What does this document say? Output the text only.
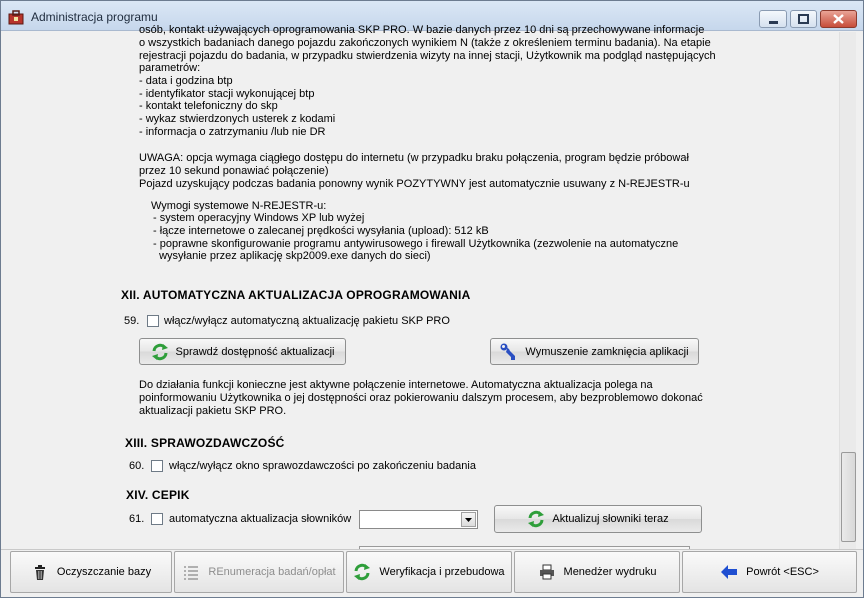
Administracja programu
osób, kontakt używających oprogramowania SKP PRO. W bazie danych przez 10 dni są przechowywane informacje
o wszystkich badaniach danego pojazdu zakończonych wynikiem N (także z określeniem terminu badania). Na etapie
rejestracji pojazdu do badania, w przypadku stwierdzenia wizyty na innej stacji, Użytkownik ma podgląd następujących
parametrów:
- data i godzina btp
- identyfikator stacji wykonującej btp
- kontakt telefoniczny do skp
- wykaz stwierdzonych usterek z kodami
- informacja o zatrzymaniu /lub nie DR
UWAGA: opcja wymaga ciągłego dostępu do internetu (w przypadku braku połączenia, program będzie próbował
przez 10 sekund ponawiać połączenie)
Pojazd uzyskujący podczas badania ponowny wynik POZYTYWNY jest automatycznie usuwany z N-REJESTR-u
Wymogi systemowe N-REJESTR-u:
- system operacyjny Windows XP lub wyżej
- łącze internetowe o zalecanej prędkości wysyłania (upload): 512 kB
- poprawne skonfigurowanie programu antywirusowego i firewall Użytkownika (zezwolenie na automatyczne
wysyłanie przez aplikację skp2009.exe danych do sieci)
XII. AUTOMATYCZNA AKTUALIZACJA OPROGRAMOWANIA
59. włącz/wyłącz automatyczną aktualizację pakietu SKP PRO
Sprawdź dostępność aktualizacji	Wymuszenie zamknięcia aplikacji
Do działania funkcji konieczne jest aktywne połączenie internetowe. Automatyczna aktualizacja polega na
poinformowaniu Użytkownika o jej dostępności oraz pokierowaniu dalszym procesem, aby bezproblemowo dokonać
aktualizacji pakietu SKP PRO.
XIII. SPRAWOZDAWCZOŚĆ
60. włącz/wyłącz okno sprawozdawczości po zakończeniu badania
XIV. CEPIK
61. automatyczna aktualizacja słowników	Aktualizuj słowniki teraz
Oczyszczanie bazy	REnumeracja badań/opłat	Weryfikacja i przebudowa	Menedżer wydruku	Powrót <ESC>
